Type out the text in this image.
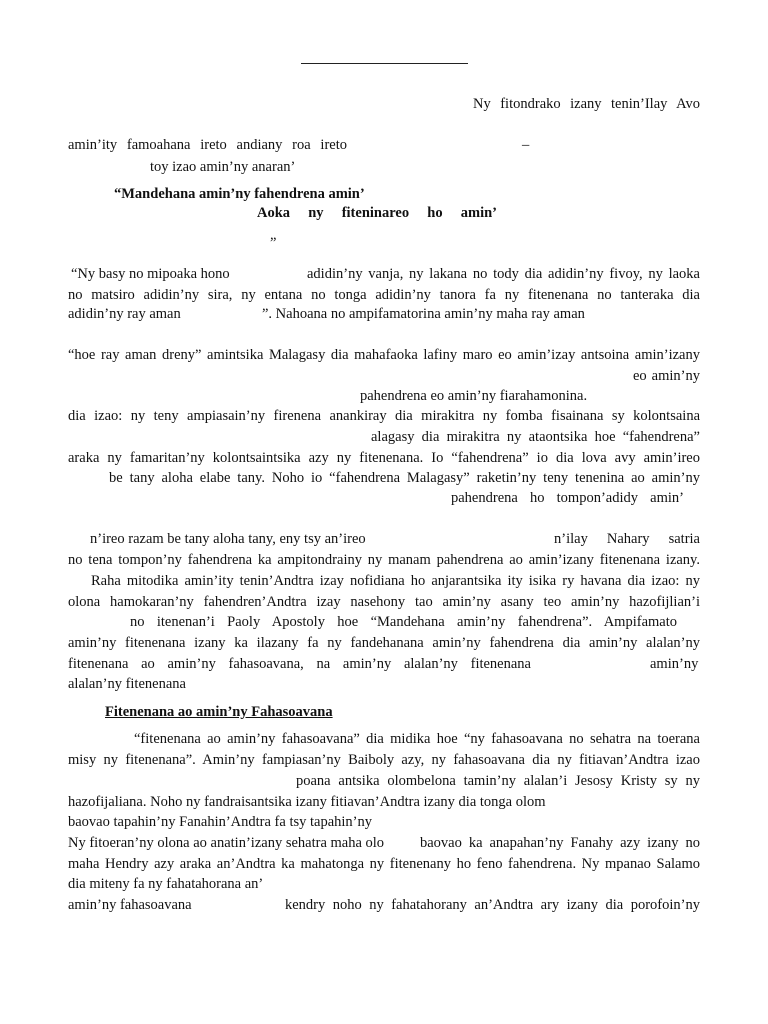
Ny fitondrako izany tenin’Ilay Avo
amin’ity famoahana ireto andiany roa ireto	–
toy izao amin’ny anaran’
“Mandehana amin’ny fahendrena amin’
Aoka ny fiteninareo ho amin’
”
“Ny basy no mipoaka hono	adidin’ny vanja, ny lakana no tody dia adidin’ny fivoy, ny laoka
no matsiro adidin’ny sira, ny entana no tonga adidin’ny tanora fa ny fitenenana no tanteraka dia
adidin’ny ray aman	”. Nahoana no ampifamatorina amin’ny maha ray aman
“hoe ray aman dreny” amintsika Malagasy dia mahafaoka lafiny maro eo amin’izay antsoina amin’izany
eo amin’ny
pahendrena eo amin’ny fiarahamonina.
dia izao: ny teny ampiasain’ny firenena anankiray dia mirakitra ny fomba fisainana sy kolontsaina
alagasy dia mirakitra ny ataontsika hoe “fahendrena”
araka ny famaritan’ny kolontsaintsika azy ny fitenenana. Io “fahendrena” io dia lova avy amin’ireo
be tany aloha elabe tany. Noho io “fahendrena Malagasy” raketin’ny teny tenenina ao amin’ny
pahendrena ho tompon’adidy amin’
n’ireo razam be tany aloha tany, eny tsy an’ireo	n’ilay Nahary satria
no tena tompon’ny fahendrena ka ampitondrainy ny manam pahendrena ao amin’izany fitenenana izany.
Raha mitodika amin’ity tenin’Andtra izay nofidiana ho anjarantsika ity isika ry havana dia izao: ny
olona hamokaran’ny fahendren’Andtra izay nasehony tao amin’ny asany teo amin’ny hazofijlian’i
no itenenan’i Paoly Apostoly hoe “Mandehana amin’ny fahendrena”. Ampifamato
amin’ny fitenenana izany ka ilazany fa ny fandehanana amin’ny fahendrena dia amin’ny alalan’ny
fitenenana ao amin’ny fahasoavana, na amin’ny alalan’ny fitenenana	amin’ny
alalan’ny fitenenana
Fitenenana ao amin’ny Fahasoavana
“fitenenana ao amin’ny fahasoavana” dia midika hoe “ny fahasoavana no sehatra na toerana
misy ny fitenenana”. Amin’ny fampiasan’ny Baiboly azy, ny fahasoavana dia ny fitiavan’Andtra izao
poana antsika olombelona tamin’ny alalan’i Jesosy Kristy sy ny
hazofijaliana. Noho ny fandraisantsika izany fitiavan’Andtra izany dia tonga olom
baovao tapahin’ny Fanahin’Andtra fa tsy tapahin’ny
Ny fitoeran’ny olona ao anatin’izany sehatra maha olo baovao ka anapahan’ny Fanahy azy izany no
maha Hendry azy araka an’Andtra ka mahatonga ny fitenenany ho feno fahendrena. Ny mpanao Salamo
dia miteny fa ny fahatahorana an’
amin’ny fahasoavana	kendry noho ny fahatahorany an’Andtra ary izany dia porofoin’ny
